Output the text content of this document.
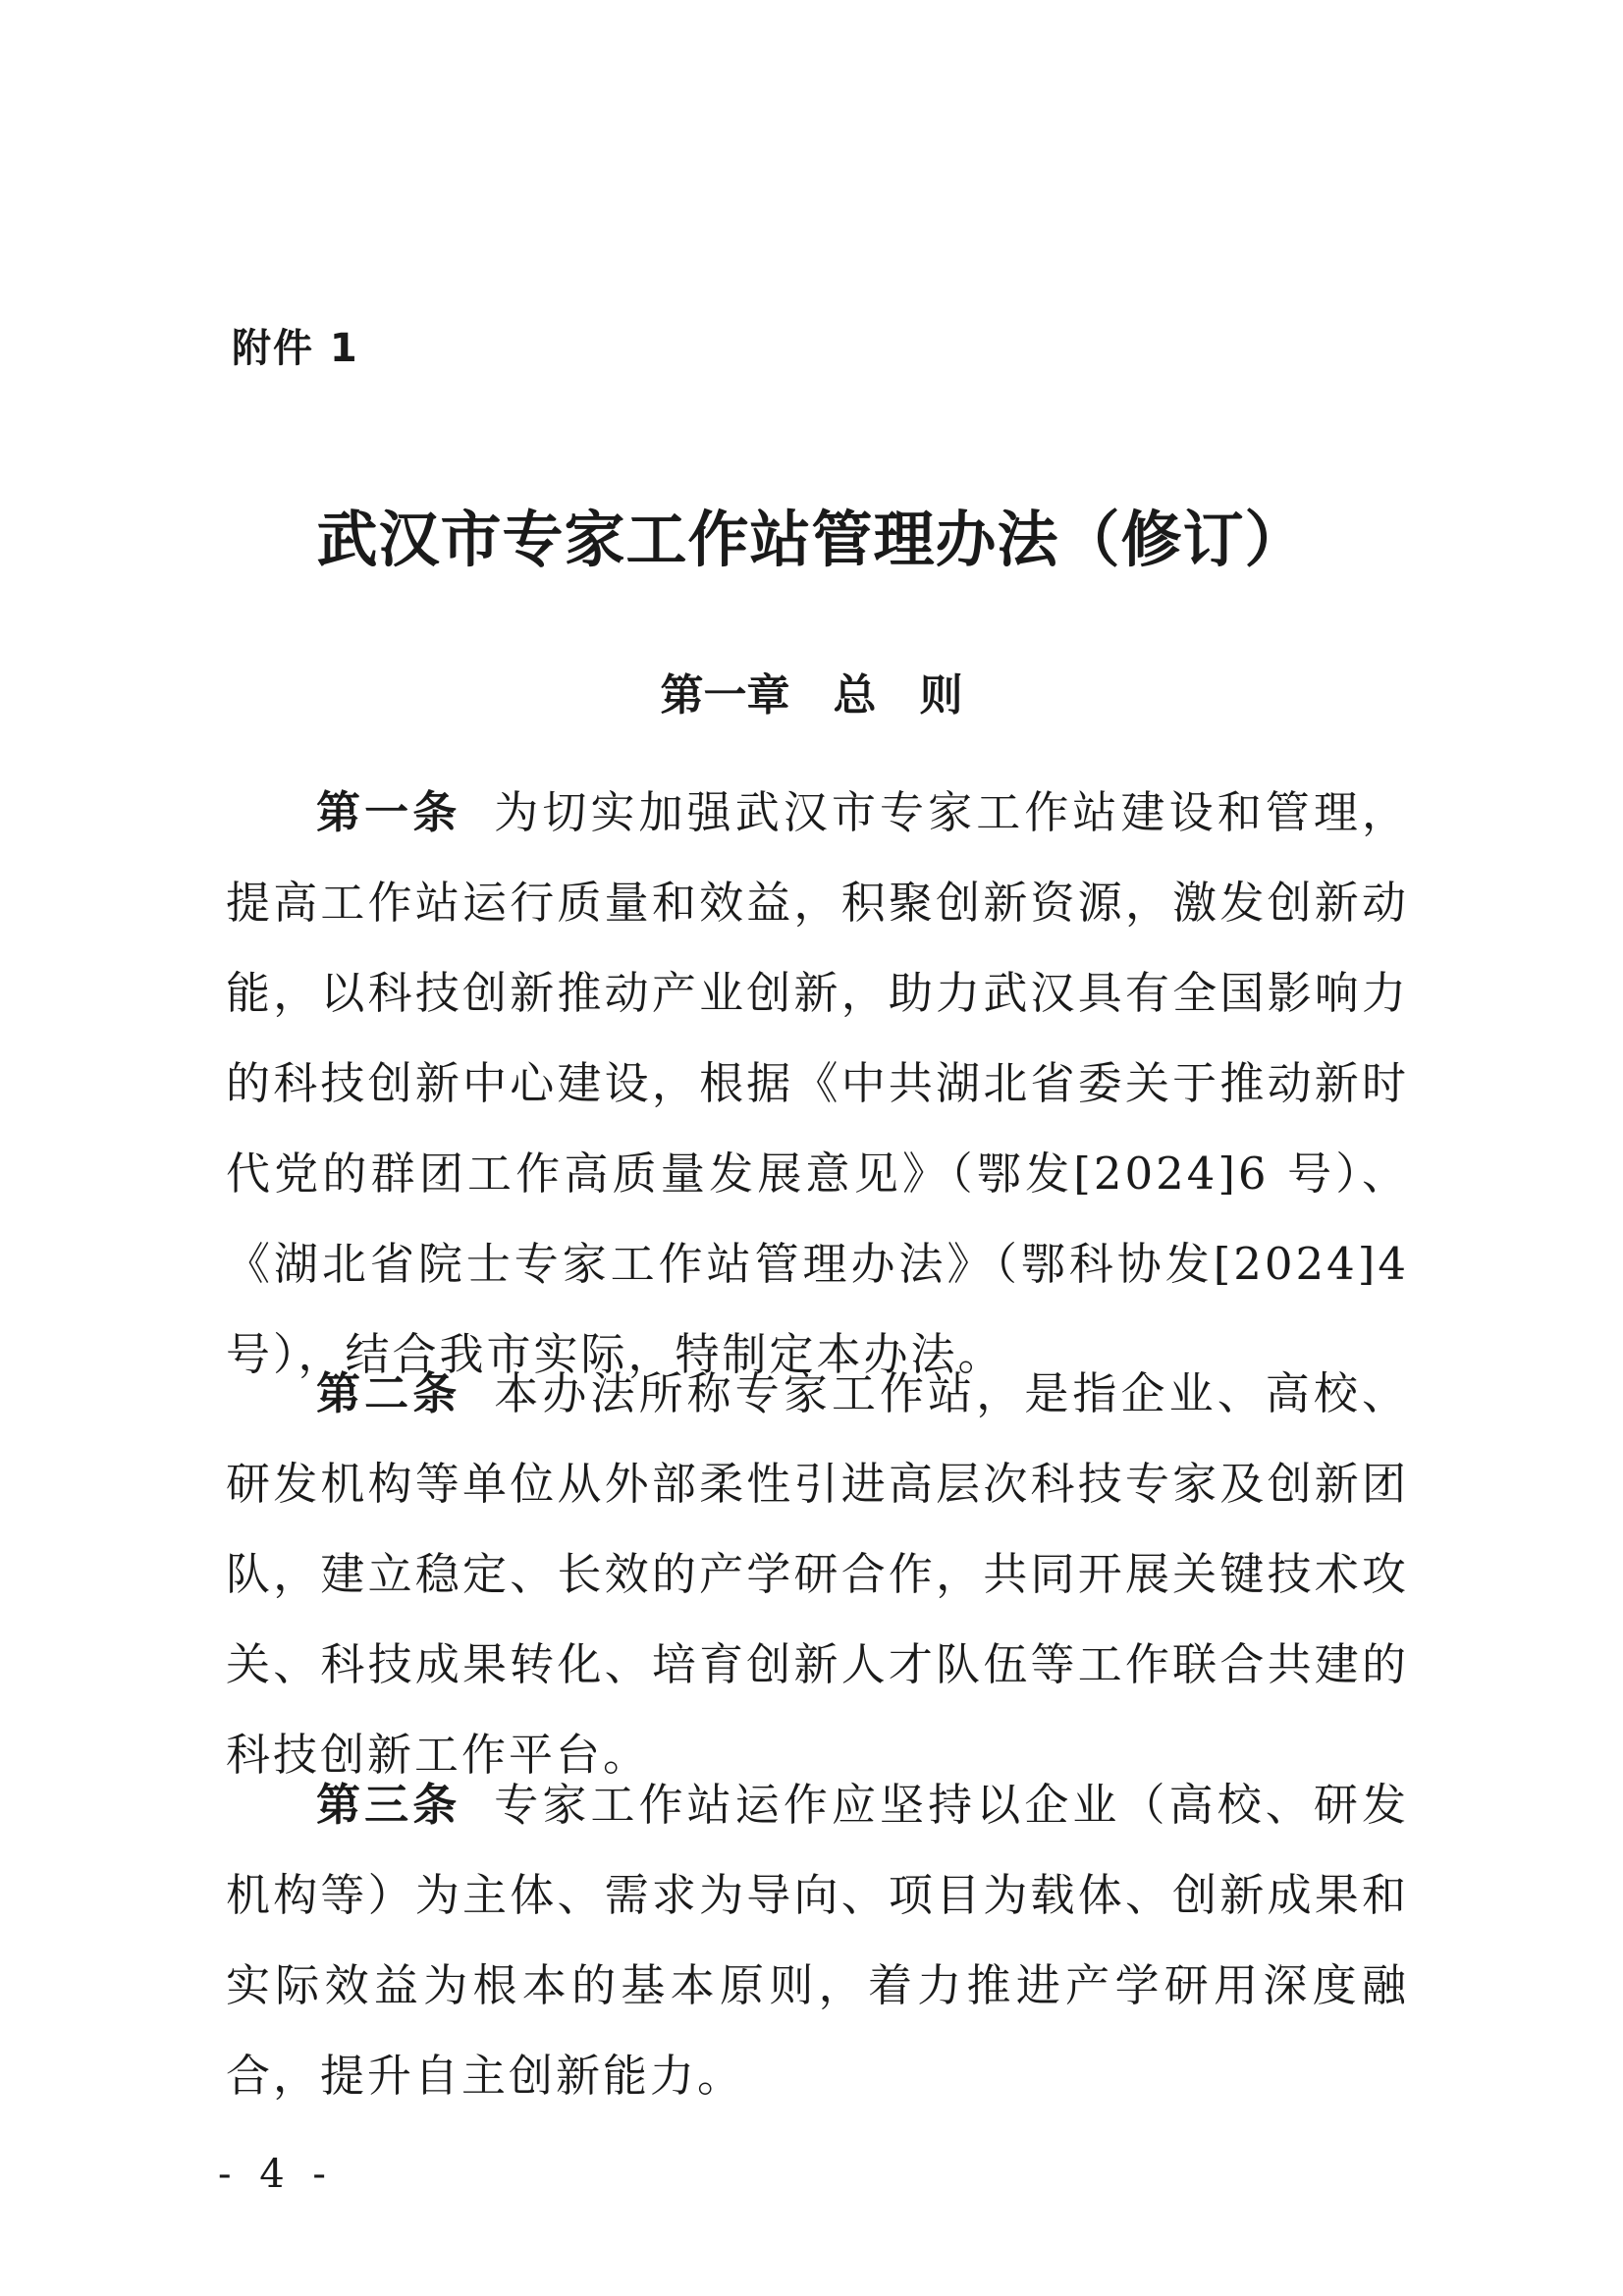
附件 1
武汉市专家工作站管理办法（修订）
第一章　总　则
第一条 为切实加强武汉市专家工作站建设和管理，提高工作站运行质量和效益，积聚创新资源，激发创新动能，以科技创新推动产业创新，助力武汉具有全国影响力的科技创新中心建设，根据《中共湖北省委关于推动新时代党的群团工作高质量发展意见》（鄂发[2024]6 号）、《湖北省院士专家工作站管理办法》（鄂科协发[2024]4 号），结合我市实际，特制定本办法。
第二条 本办法所称专家工作站，是指企业、高校、研发机构等单位从外部柔性引进高层次科技专家及创新团队，建立稳定、长效的产学研合作，共同开展关键技术攻关、科技成果转化、培育创新人才队伍等工作联合共建的科技创新工作平台。
第三条 专家工作站运作应坚持以企业（高校、研发机构等）为主体、需求为导向、项目为载体、创新成果和实际效益为根本的基本原则，着力推进产学研用深度融合，提升自主创新能力。
- 4 -
